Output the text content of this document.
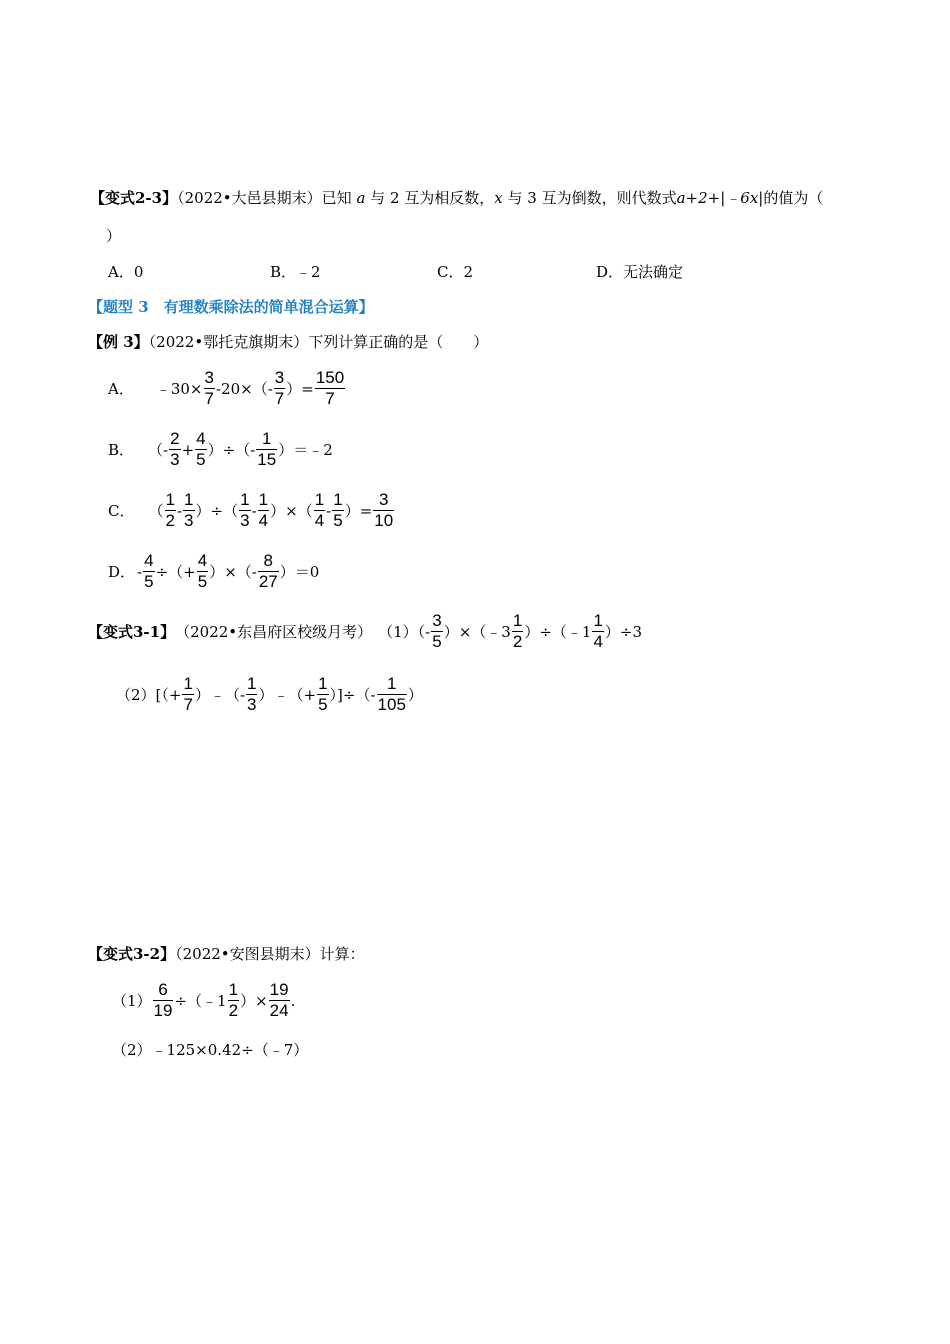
【变式2-3】（2022•大邑县期末）已知 a 与 2 互为相反数，x 与 3 互为倒数，则代数式a+2+|﹣6x|的值为（
）
A．0	B．﹣2	C．2	D．无法确定
【题型 3　有理数乘除法的简单混合运算】
【例 3】（2022•鄂托克旗期末）下列计算正确的是（　　）
A． ﹣30× $\frac{3}{7} -20\times(- \frac{3}{7}$ ）= $\frac{150}{7}$
B． （- $\frac{2}{3} + \frac{4}{5}$ ）÷（- $\frac{1}{15}$ ）＝﹣2
C． （ $\frac{1}{2} - \frac{1}{3}$ ）÷（ $\frac{1}{3} - \frac{1}{4}$ ）×（ $\frac{1}{4} - \frac{1}{5}$ ）= $\frac{3}{10}$
D． - $\frac{4}{5}$ ÷（+ $\frac{4}{5}$ ）×（- $\frac{8}{27} )=0$
【变式3-1】 （2022•东昌府区校级月考） $(1)(- \frac{3}{5}$ ）×（﹣3 $\frac{1}{2}$ ）÷（﹣1 $\frac{1}{4} )\div 3$
$(2)[(+ \frac{1}{7}$ ）﹣（- $\frac{1}{3}$ ）﹣（+ $\frac{1}{5}$ ）]÷（- $\frac{1}{105}$ ）
【变式3-2】（2022•安图县期末）计算：
$(1) \frac{6}{19}$ ÷（﹣1 $\frac{1}{2}$ ）× $\frac{19}{24}$ .
（2）﹣125×0.42÷（﹣7）
